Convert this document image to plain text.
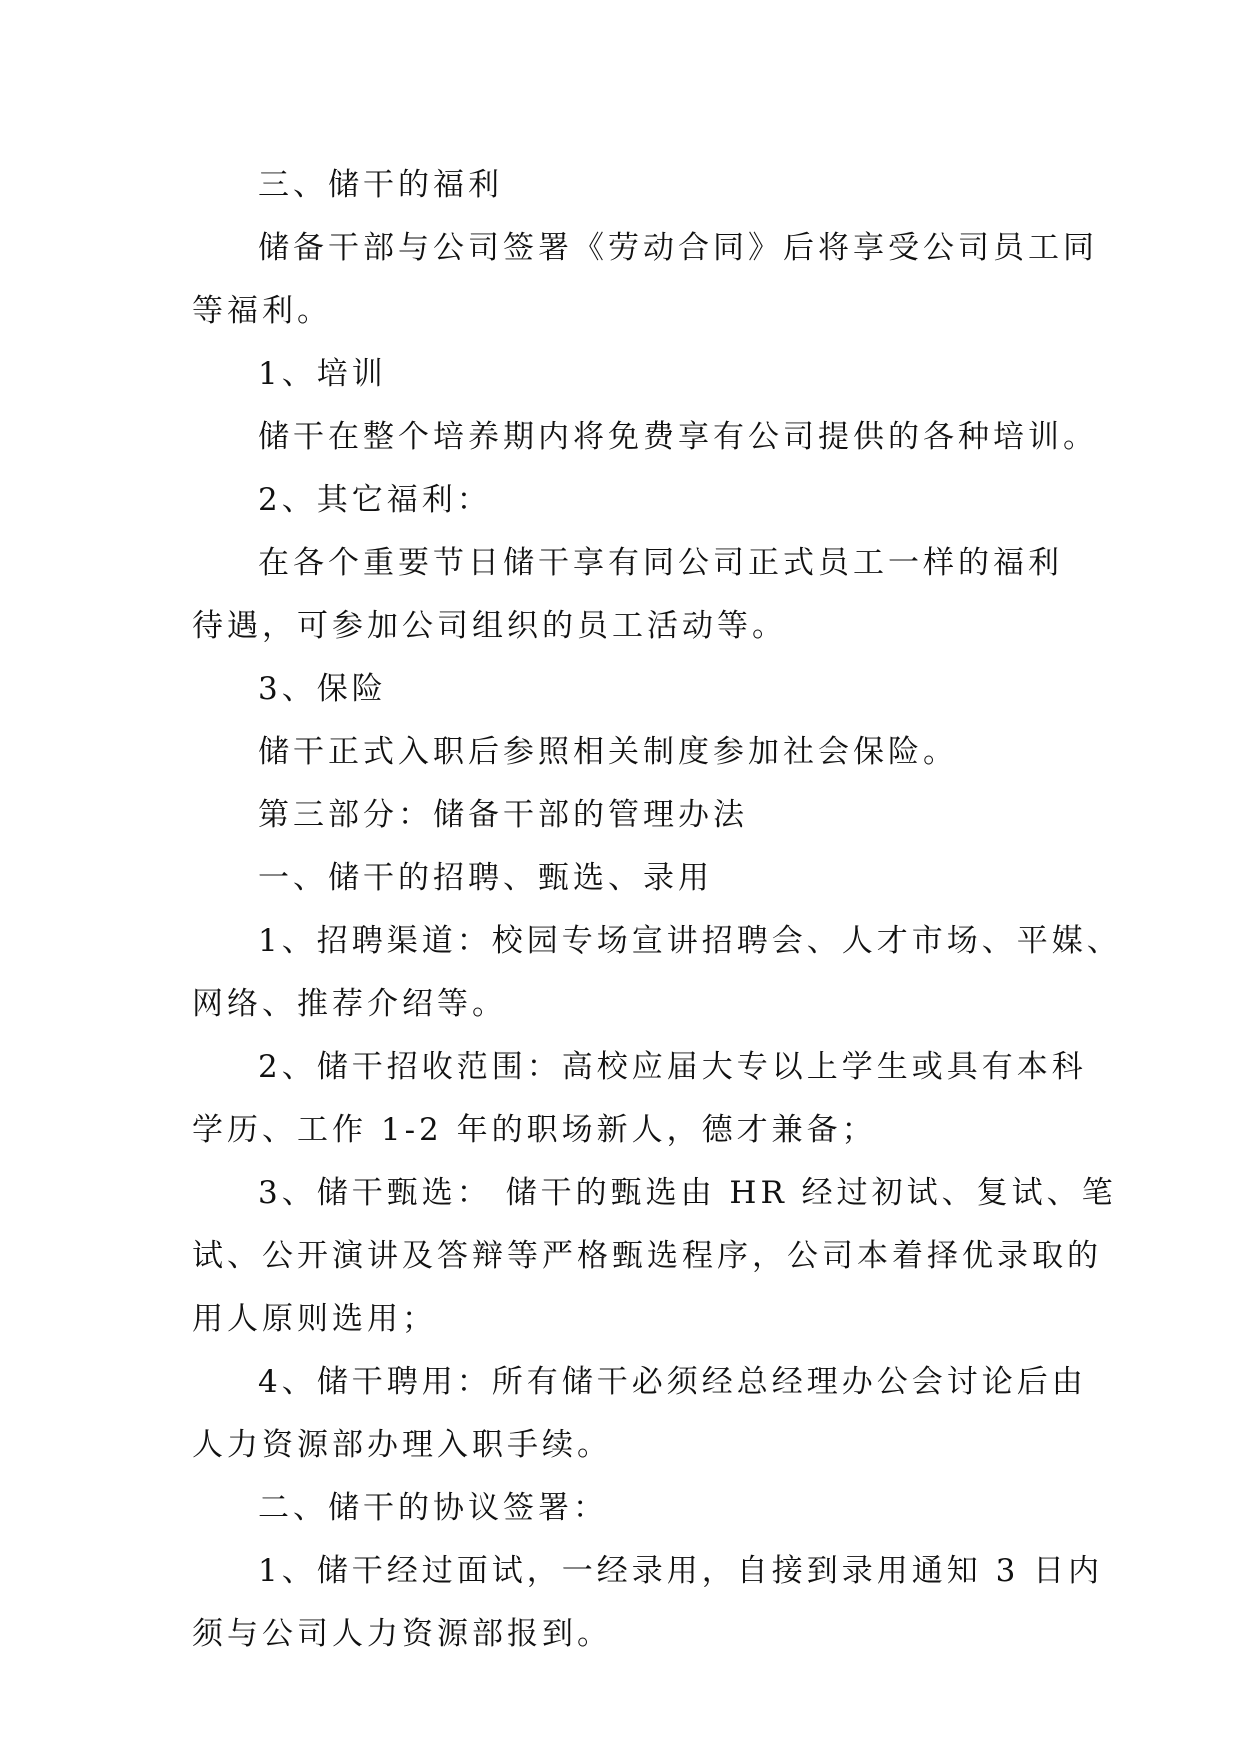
三、储干的福利
储备干部与公司签署《劳动合同》后将享受公司员工同
等福利。
1、培训
储干在整个培养期内将免费享有公司提供的各种培训。
2、其它福利：
在各个重要节日储干享有同公司正式员工一样的福利
待遇，可参加公司组织的员工活动等。
3、保险
储干正式入职后参照相关制度参加社会保险。
第三部分：储备干部的管理办法
一、储干的招聘、甄选、录用
1、招聘渠道：校园专场宣讲招聘会、人才市场、平媒、
网络、推荐介绍等。
2、储干招收范围：高校应届大专以上学生或具有本科
学历、工作 1-2 年的职场新人，德才兼备；
3、储干甄选： 储干的甄选由 HR 经过初试、复试、笔
试、公开演讲及答辩等严格甄选程序，公司本着择优录取的
用人原则选用；
4、储干聘用：所有储干必须经总经理办公会讨论后由
人力资源部办理入职手续。
二、储干的协议签署：
1、储干经过面试，一经录用，自接到录用通知 3 日内
须与公司人力资源部报到。
